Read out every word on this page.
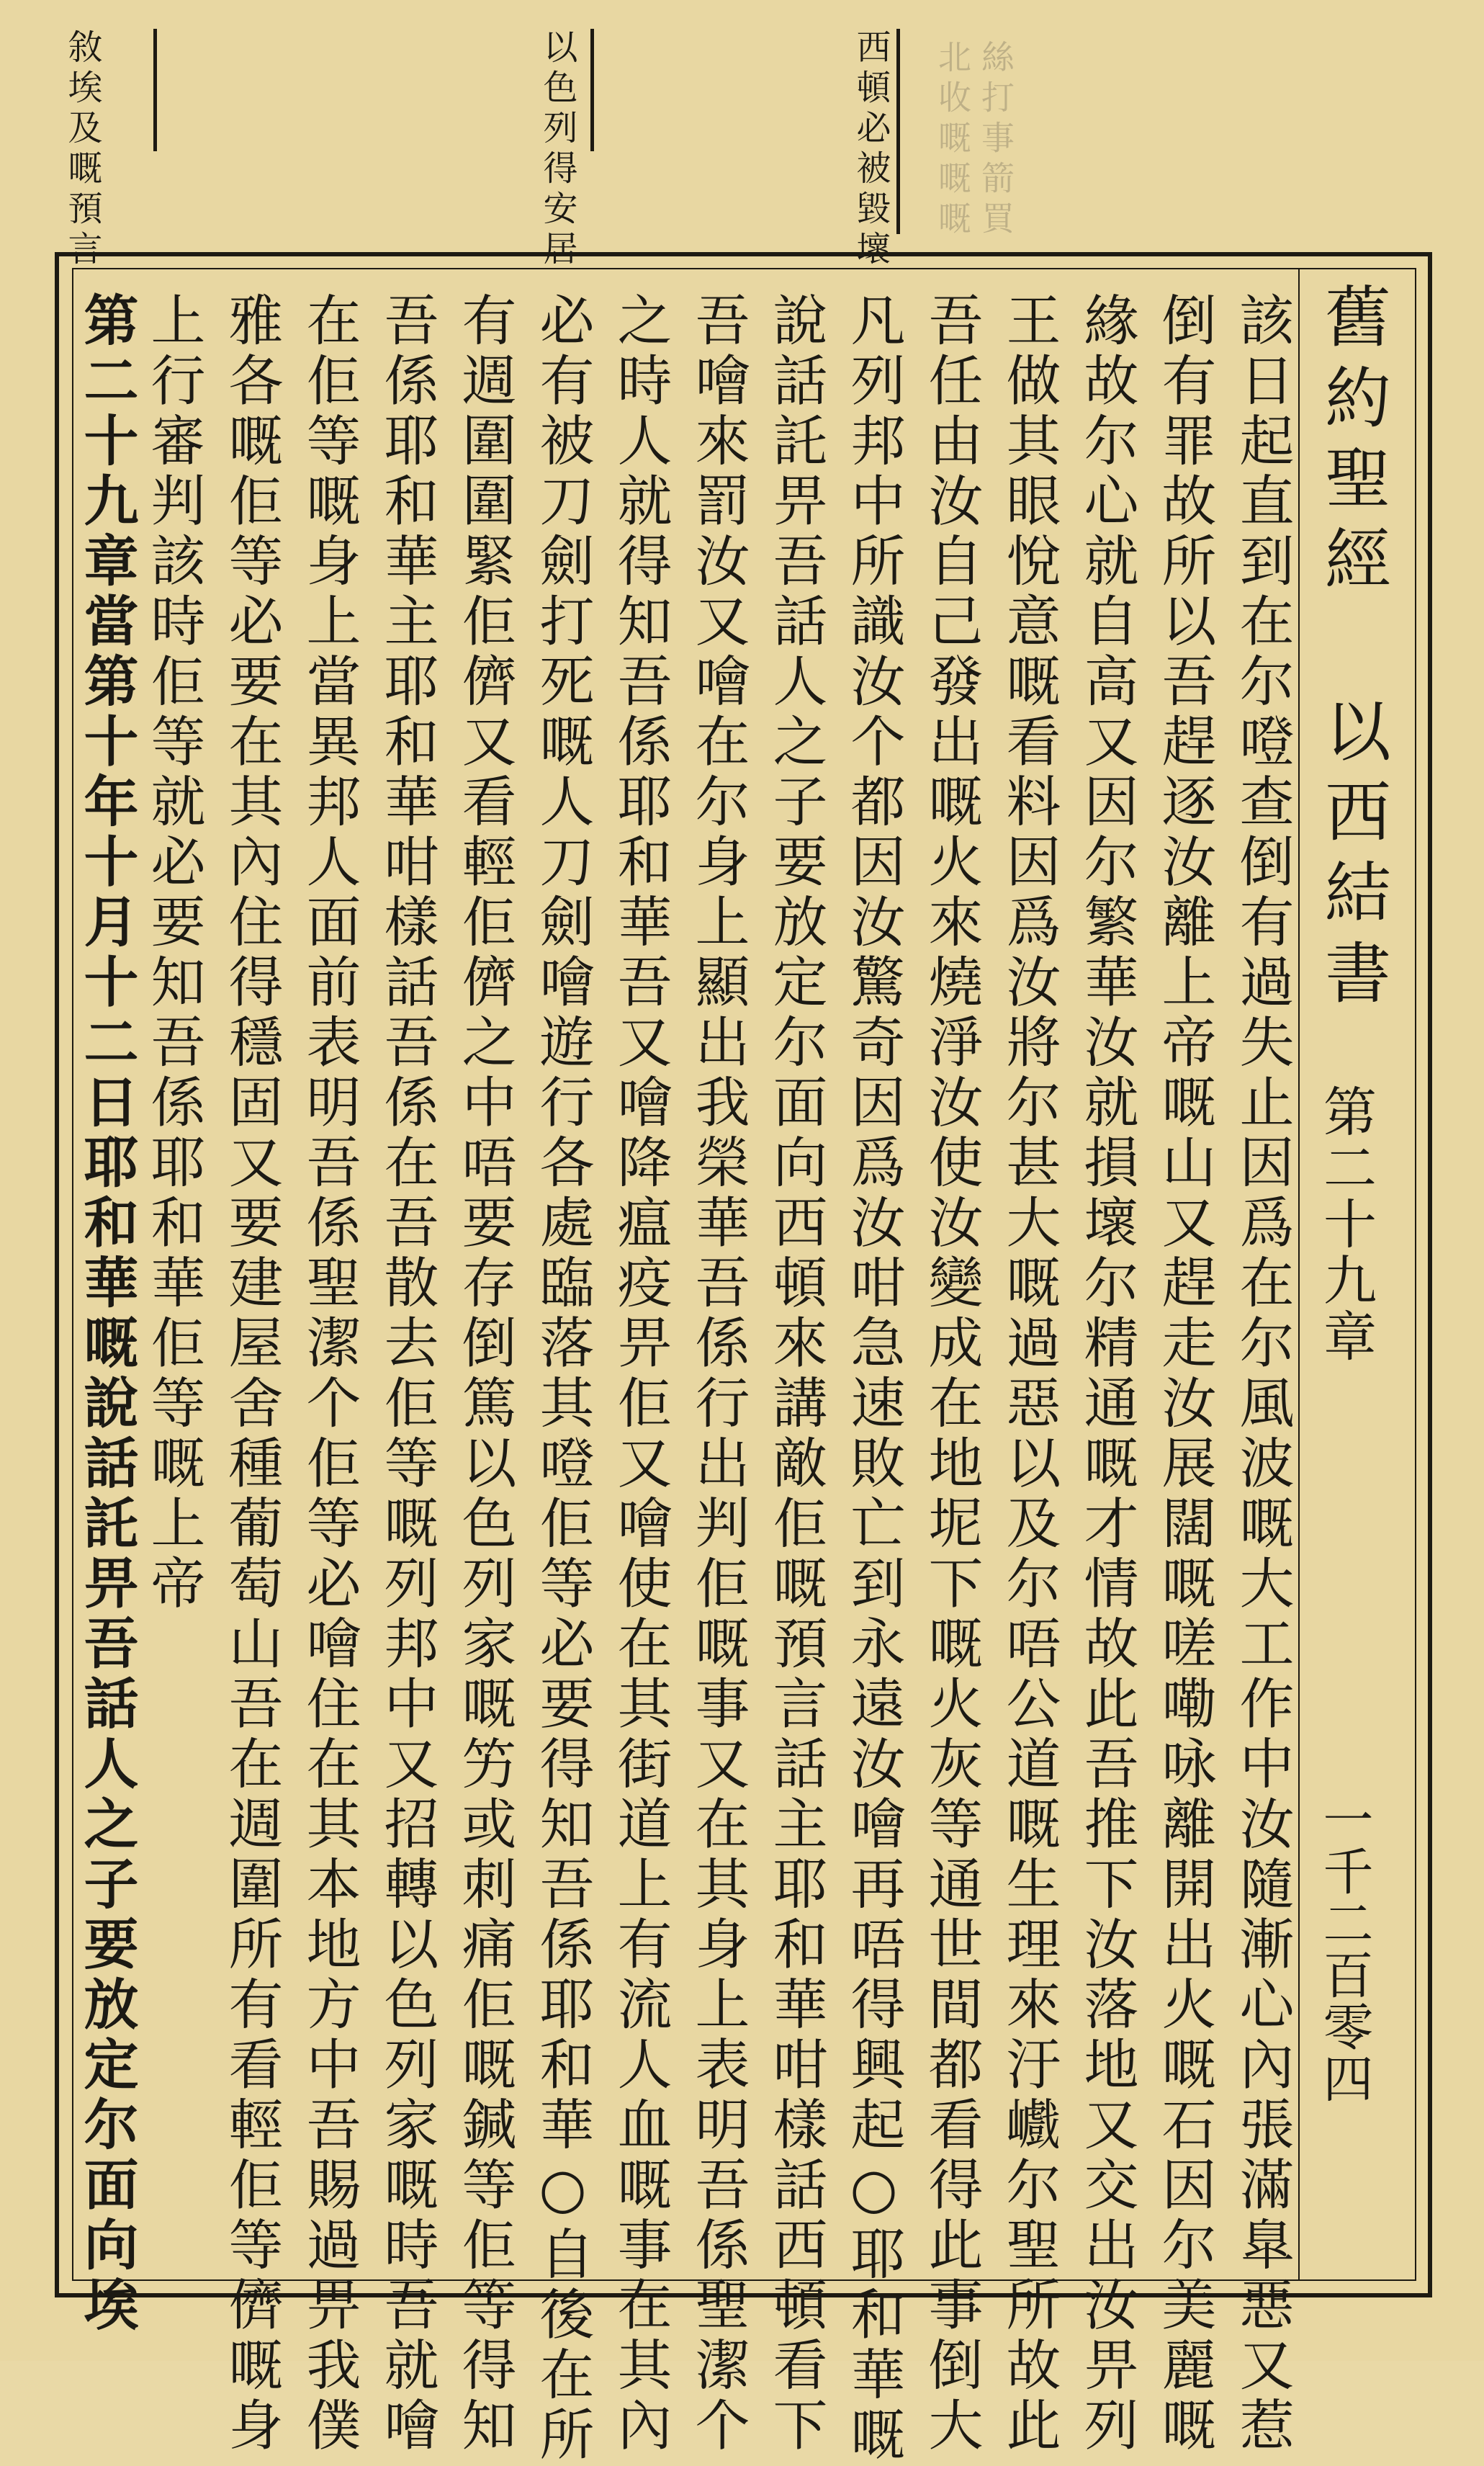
舊約聖經 以西結書
第二十九章
一千二百零四
該日起直到在尔噔查倒有過失止因爲在尔風波嘅大工作中汝隨漸心內張滿臯惡又惹
倒有罪故所以吾趕逐汝離上帝嘅山又趕走汝展闊嘅嗟嘞咏離開出火嘅石因尔美麗嘅
緣故尔心就自高又因尔繁華汝就損壞尔精通嘅才情故此吾推下汝落地又交出汝畀列
王做其眼悅意嘅看料因爲汝將尔甚大嘅過惡以及尔唔公道嘅生理來汙巇尔聖所故此
吾任由汝自己發出嘅火來燒淨汝使汝變成在地坭下嘅火灰等通世間都看得此事倒大
凡列邦中所識汝个都因汝驚奇因爲汝咁急速敗亡到永遠汝噲再唔得興起○耶和華嘅
說話託畀吾話人之子要放定尔面向西頓來講敵佢嘅預言話主耶和華咁樣話西頓看下
吾噲來罰汝又噲在尔身上顯出我榮華吾係行出判佢嘅事又在其身上表明吾係聖潔个
之時人就得知吾係耶和華吾又噲降瘟疫畀佢又噲使在其街道上有流人血嘅事在其內
必有被刀劍打死嘅人刀劍噲遊行各處臨落其噔佢等必要得知吾係耶和華○自後在所
有週圍圍緊佢儕又看輕佢儕之中唔要存倒篤以色列家嘅竻或刺痛佢嘅鍼等佢等得知
吾係耶和華主耶和華咁樣話吾係在吾散去佢等嘅列邦中又招轉以色列家嘅時吾就噲
在佢等嘅身上當異邦人面前表明吾係聖潔个佢等必噲住在其本地方中吾賜過畀我僕
雅各嘅佢等必要在其內住得穩固又要建屋舍種葡萄山吾在週圍所有看輕佢等儕嘅身
上行審判該時佢等就必要知吾係耶和華佢等嘅上帝
第二十九章當第十年十月十二日耶和華嘅說話託畀吾話人之子要放定尔面向埃
絲打事箭買
北收嘅嘅嘅
西頓必被毀壞
以色列得安居
敘埃及嘅預言
